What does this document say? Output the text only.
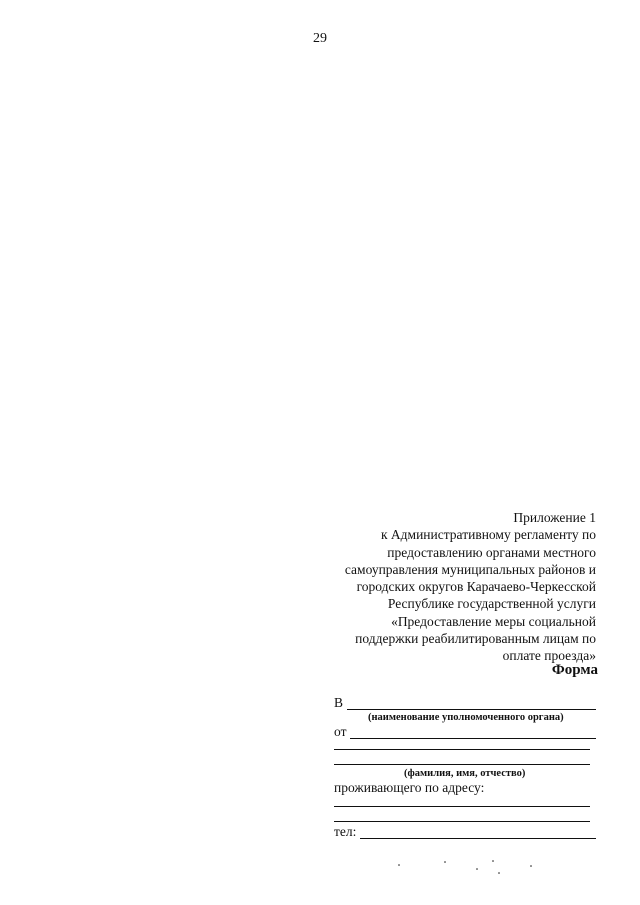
29
Приложение 1
к Административному регламенту по
предоставлению органами местного
самоуправления муниципальных районов и
городских округов Карачаево-Черкесской
Республике государственной услуги
«Предоставление меры социальной
поддержки реабилитированным лицам по
оплате проезда»
Форма
В
(наименование уполномоченного органа)
от
(фамилия, имя, отчество)
проживающего по адресу:
тел:
